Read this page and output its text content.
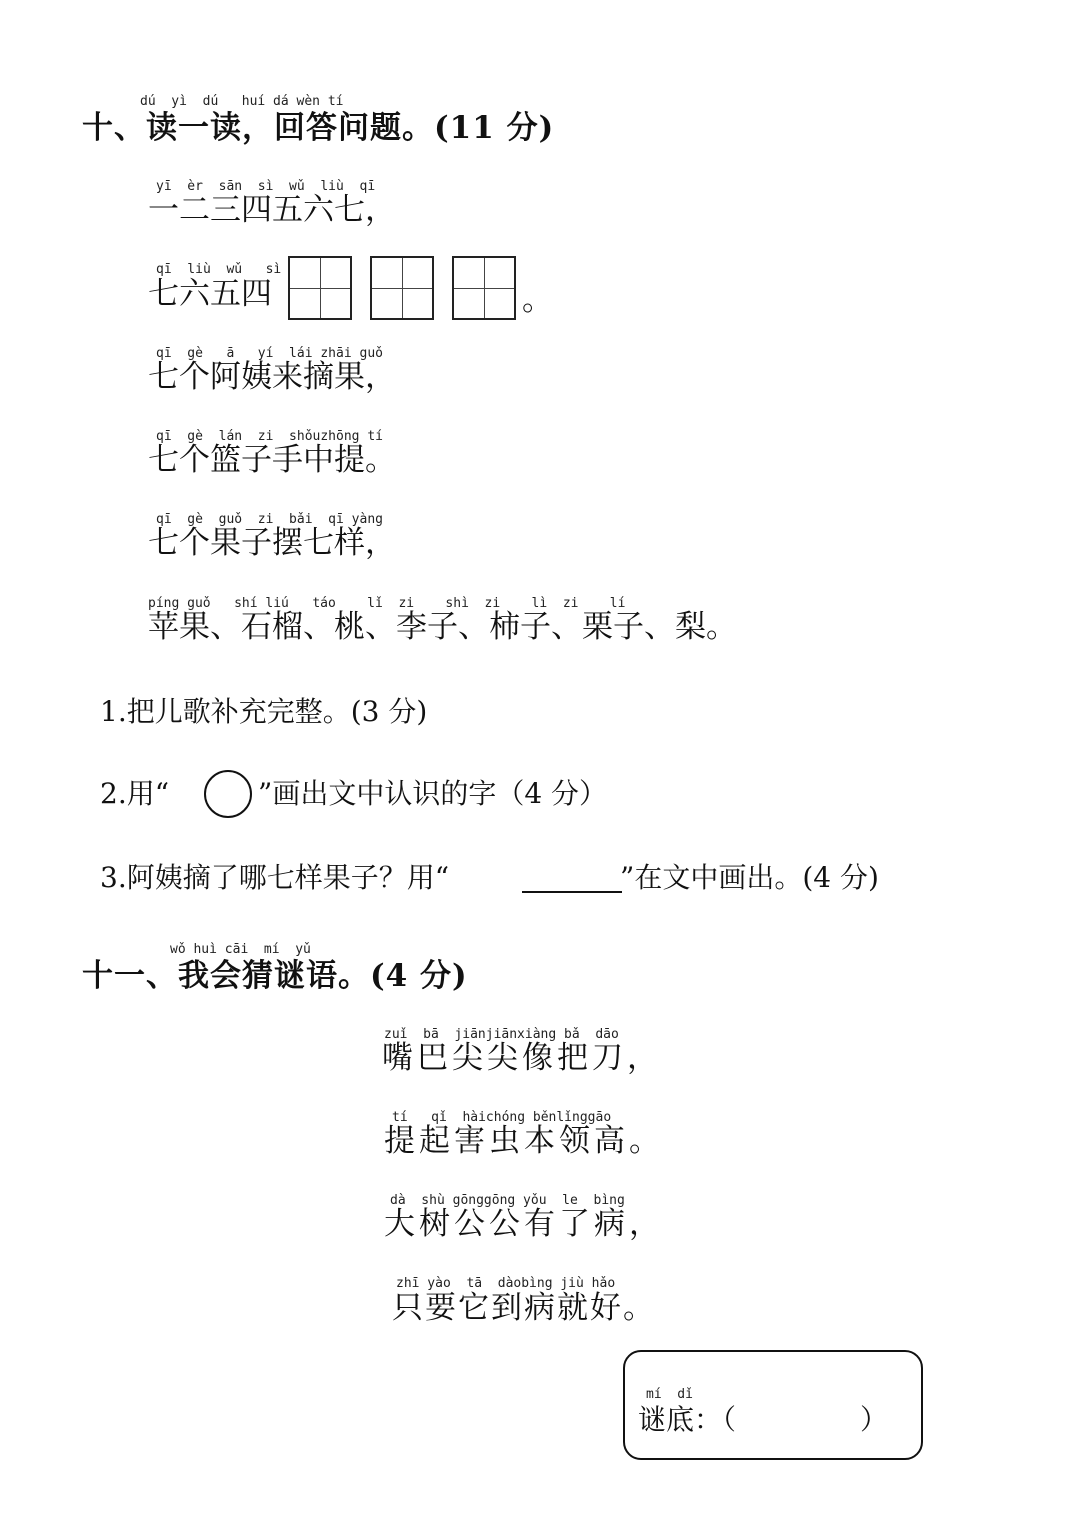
dú  yì  dú   huí dá wèn tí
十、读一读，回答问题。(11 分)
yī  èr  sān  sì  wǔ  liù  qī
一二三四五六七，
qī  liù  wǔ   sì
七六五四	。
qī  gè   ā   yí  lái zhāi guǒ
七个阿姨来摘果，
qī  gè  lán  zi  shǒuzhōng tí
七个篮子手中提。
qī  gè  guǒ  zi  bǎi  qī yàng
七个果子摆七样，
píng guǒ   shí liú   táo    lǐ  zi    shì  zi    lì  zi    lí
苹果、石榴、桃、李子、柿子、栗子、梨。
1.把儿歌补充完整。(3 分)
2.用“	”画出文中认识的字（4 分）
3.阿姨摘了哪七样果子？用“	”在文中画出。(4 分)
wǒ huì cāi  mí  yǔ
十一、我会猜谜语。(4 分)
zuǐ  bā  jiānjiānxiàng bǎ  dāo
嘴巴尖尖像把刀，
tí   qǐ  hàichóng běnlǐnggāo
提起害虫本领高。
dà  shù gōnggōng yǒu  le  bìng
大树公公有了病，
zhī yào  tā  dàobìng jiù hǎo
只要它到病就好。
mí  dǐ
谜底：（	）
